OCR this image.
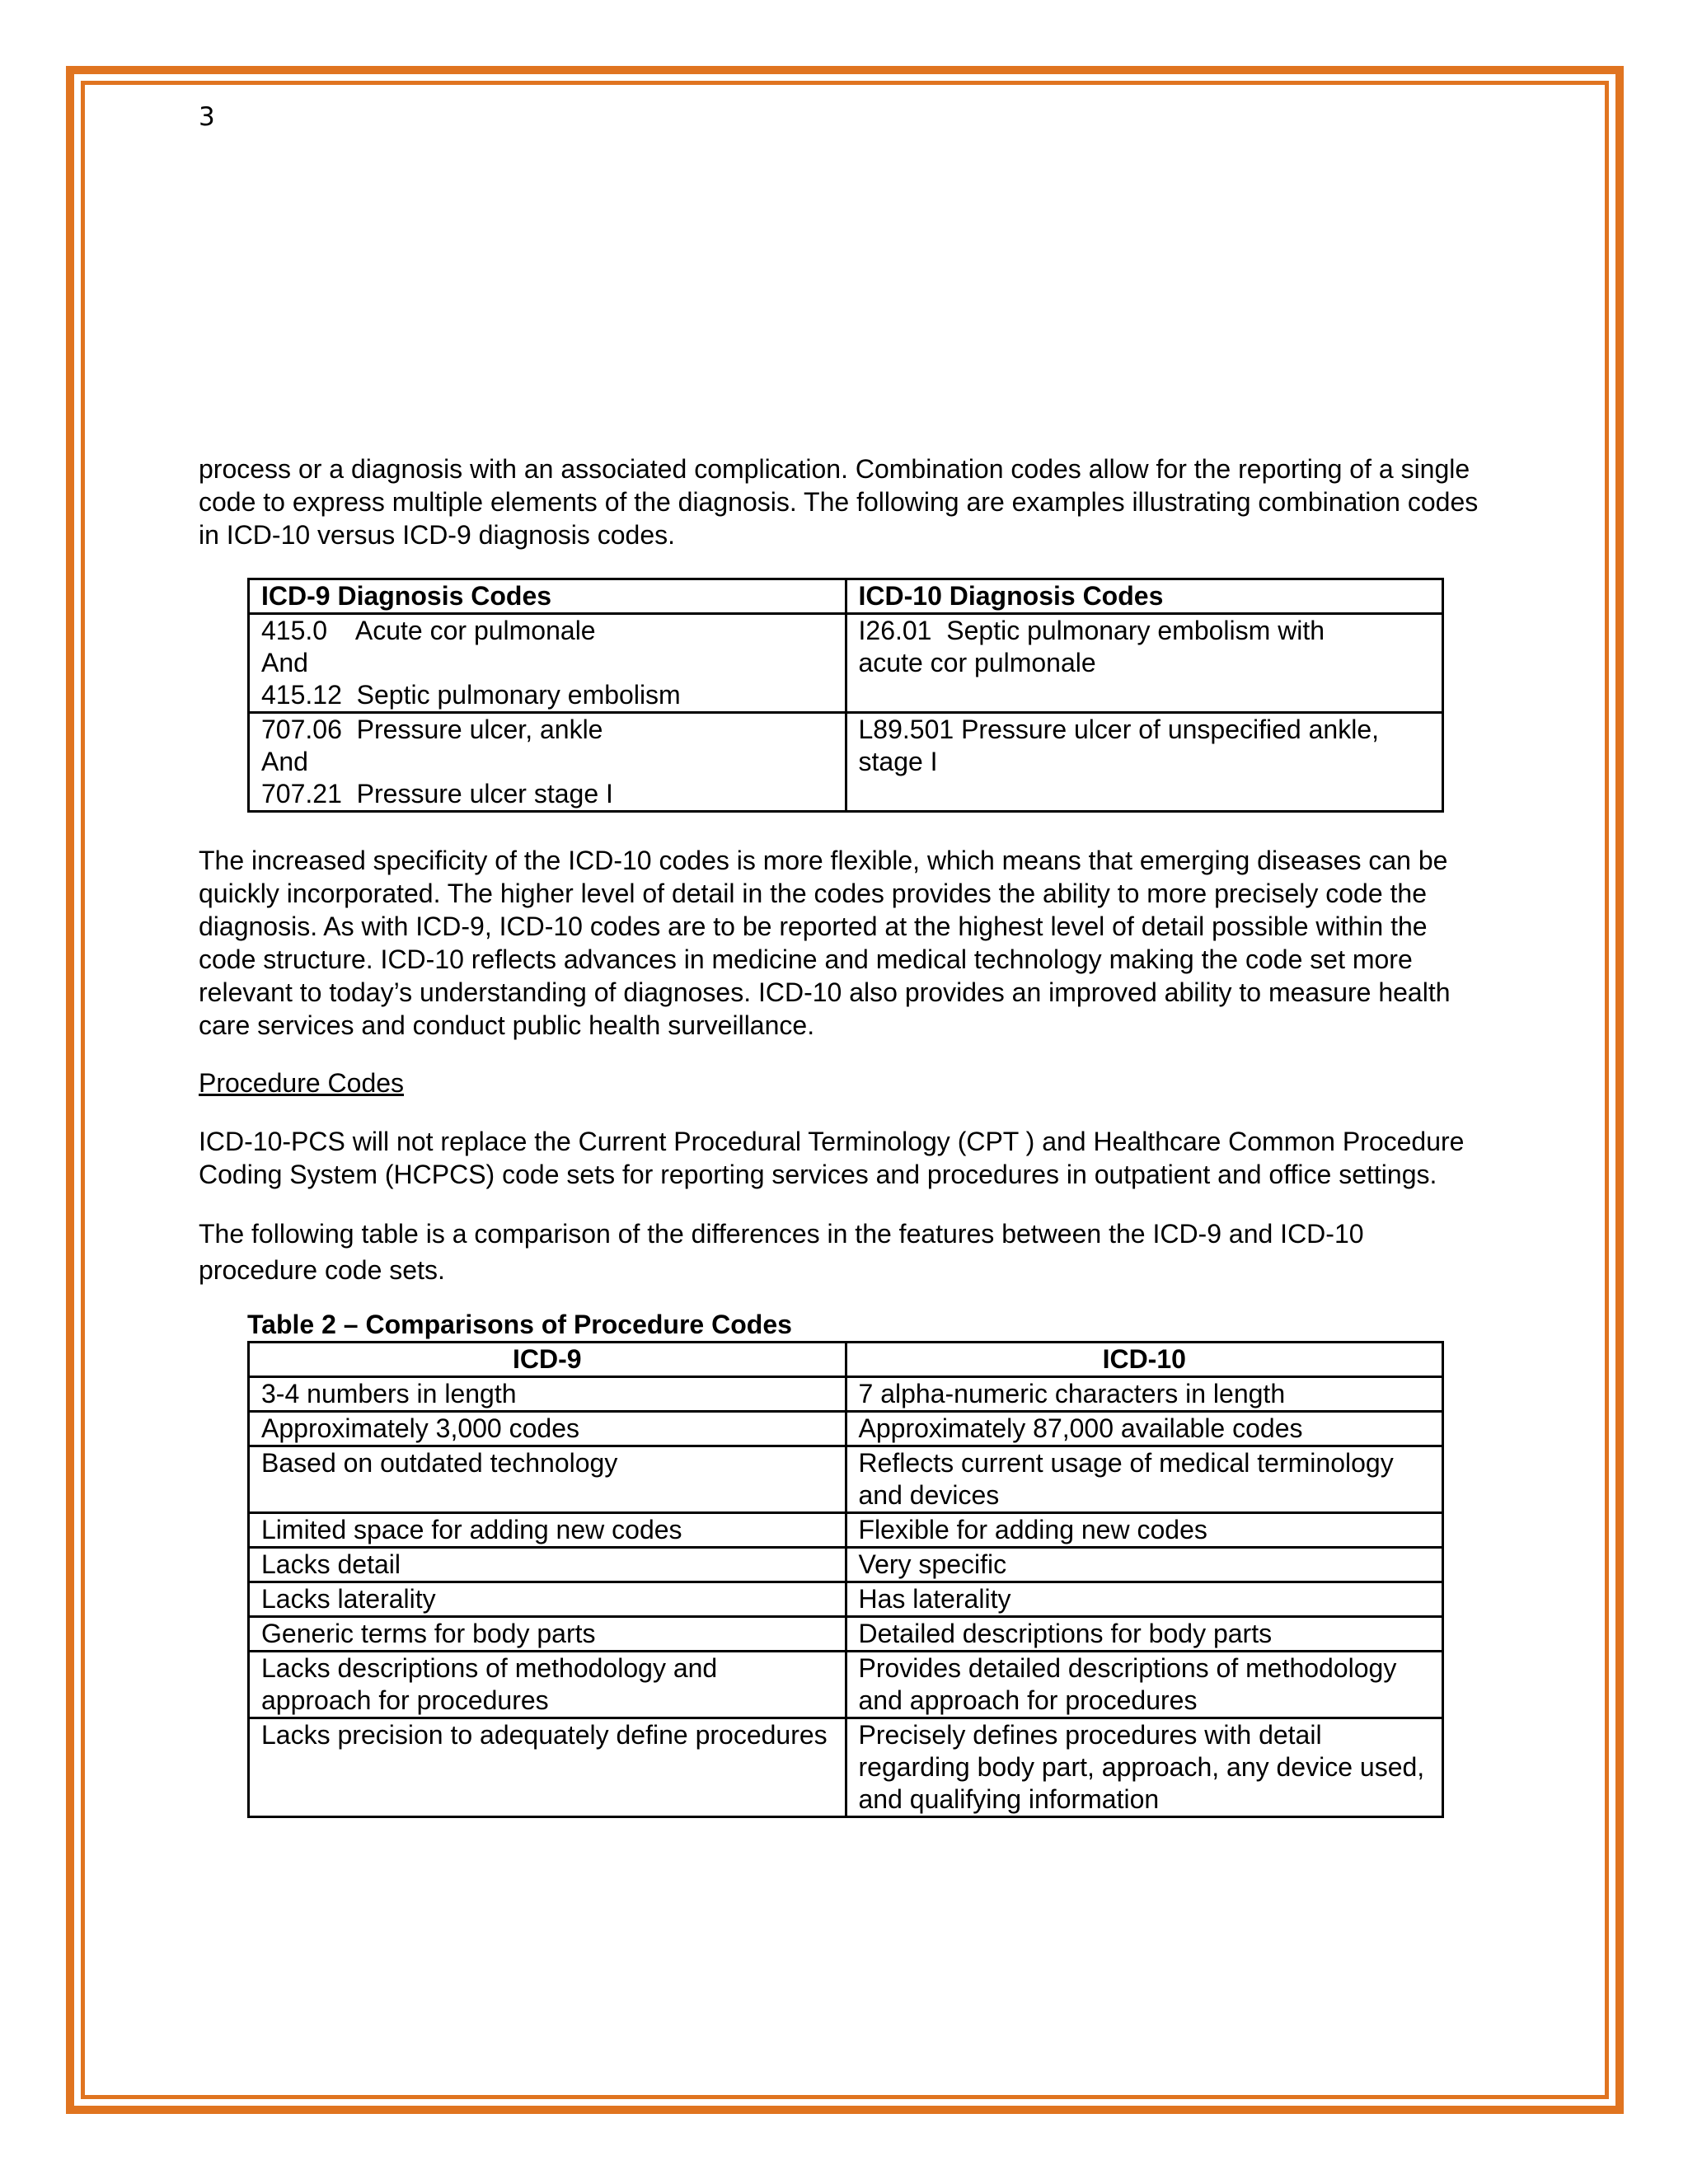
3

process or a diagnosis with an associated complication. Combination codes allow for the reporting of a single code to express multiple elements of the diagnosis. The following are examples illustrating combination codes in ICD-10 versus ICD-9 diagnosis codes.

ICD-9 Diagnosis Codes	ICD-10 Diagnosis Codes

415.0    Acute cor pulmonale
And
415.12  Septic pulmonary embolism	I26.01  Septic pulmonary embolism with
acute cor pulmonale

707.06  Pressure ulcer, ankle
And
707.21  Pressure ulcer stage I	L89.501 Pressure ulcer of unspecified ankle,
stage I

The increased specificity of the ICD-10 codes is more flexible, which means that emerging diseases can be quickly incorporated. The higher level of detail in the codes provides the ability to more precisely code the diagnosis. As with ICD-9, ICD-10 codes are to be reported at the highest level of detail possible within the code structure. ICD-10 reflects advances in medicine and medical technology making the code set more relevant to today’s understanding of diagnoses. ICD-10 also provides an improved ability to measure health care services and conduct public health surveillance.

Procedure Codes

ICD-10-PCS will not replace the Current Procedural Terminology (CPT ) and Healthcare Common Procedure Coding System (HCPCS) code sets for reporting services and procedures in outpatient and office settings.

The following table is a comparison of the differences in the features between the ICD-9 and ICD-10 procedure code sets.

Table 2 – Comparisons of Procedure Codes
ICD-9	ICD-10
3-4 numbers in length	7 alpha-numeric characters in length
Approximately 3,000 codes	Approximately 87,000 available codes
Based on outdated technology	Reflects current usage of medical terminology and devices
Limited space for adding new codes	Flexible for adding new codes
Lacks detail	Very specific
Lacks laterality	Has laterality
Generic terms for body parts	Detailed descriptions for body parts
Lacks descriptions of methodology and approach for procedures	Provides detailed descriptions of methodology and approach for procedures
Lacks precision to adequately define procedures	Precisely defines procedures with detail regarding body part, approach, any device used, and qualifying information
